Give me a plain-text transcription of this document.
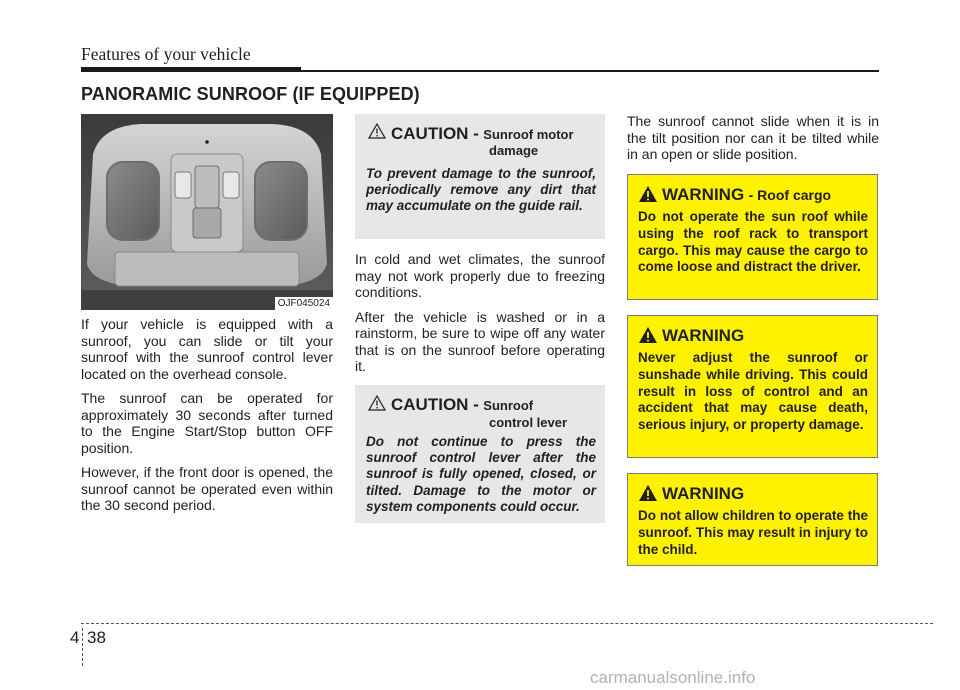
Features of your vehicle
PANORAMIC SUNROOF (IF EQUIPPED)
OJF045024

If your vehicle is equipped with a sunroof, you can slide or tilt your sunroof with the sunroof control lever located on the overhead console.

The sunroof can be operated for approximately 30 seconds after turned to the Engine Start/Stop button OFF position.

However, if the front door is opened, the sunroof cannot be operated even within the 30 second period.

CAUTION - Sunroof motor
damage
To prevent damage to the sunroof, periodically remove any dirt that may accumulate on the guide rail.

In cold and wet climates, the sunroof may not work properly due to freezing conditions.

After the vehicle is washed or in a rainstorm, be sure to wipe off any water that is on the sunroof before operating it.

CAUTION - Sunroof
control lever
Do not continue to press the sunroof control lever after the sunroof is fully opened, closed, or tilted. Damage to the motor or system components could occur.

The sunroof cannot slide when it is in the tilt position nor can it be tilted while in an open or slide position.

WARNING - Roof cargo
Do not operate the sun roof while using the roof rack to transport cargo. This may cause the cargo to come loose and distract the driver.
WARNING
Never adjust the sunroof or sunshade while driving. This could result in loss of control and an accident that may cause death, serious injury, or property damage.
WARNING
Do not allow children to operate the sunroof. This may result in injury to the child.
4 38
carmanualsonline.info
